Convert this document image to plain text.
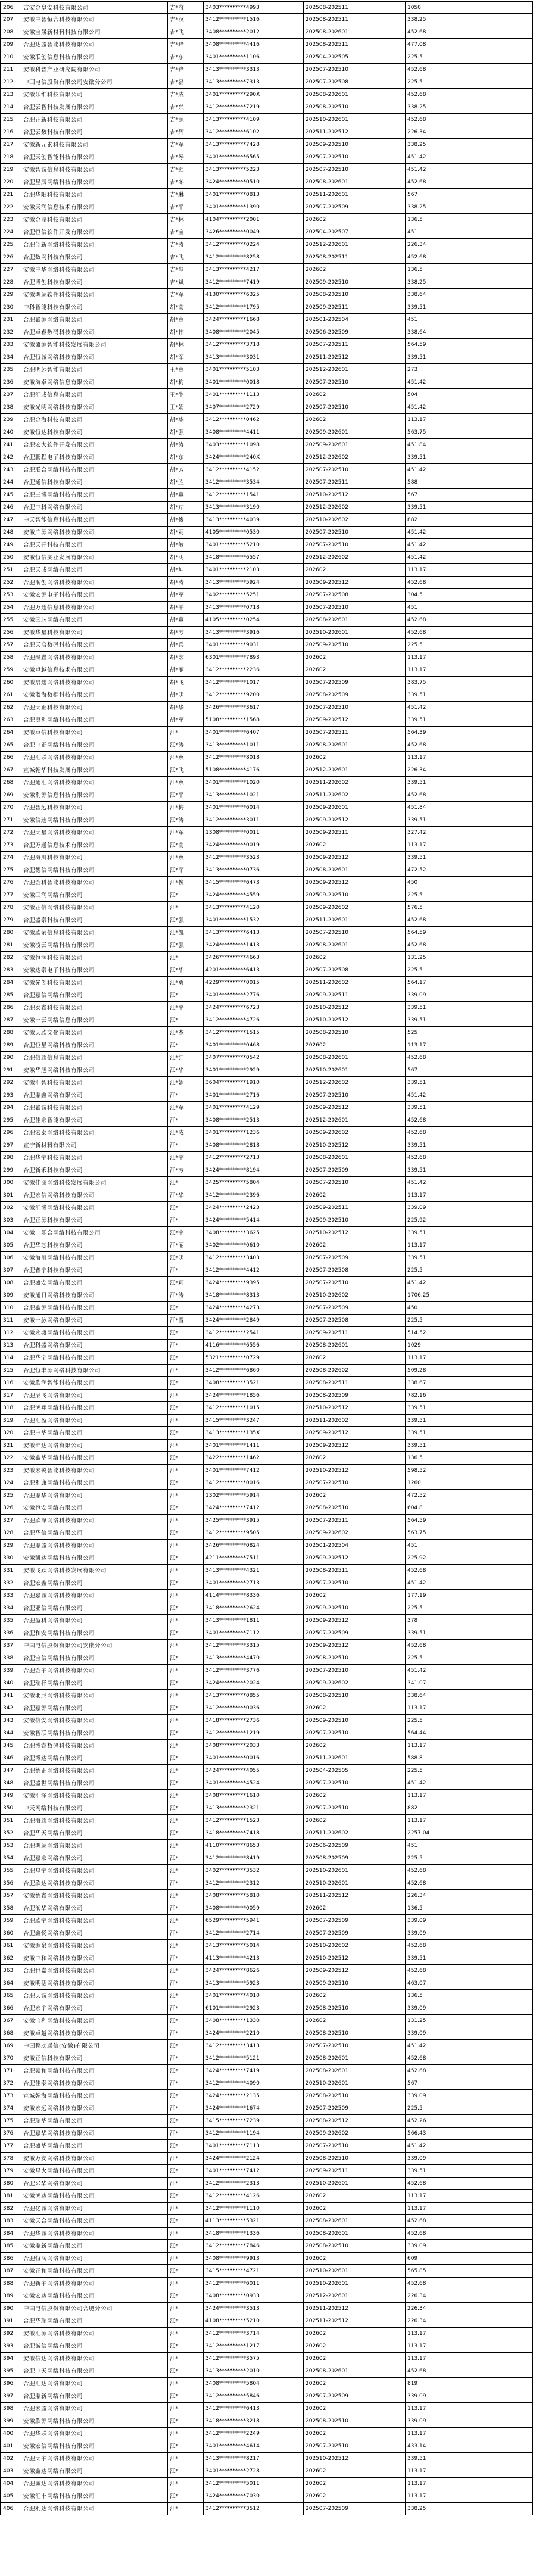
206	吉安金皇安科技有限公司	吉*府	3403**********4993	202508-202511	1050
207	安徽中智恒合科技有限公司	吉*汉	3412**********1516	202508-202511	338.25
208	安徽宝晟新材料科技有限公司	吉*飞	3408**********2012	202508-202601	452.68
209	合肥达盛智能科技有限公司	吉*峰	3408**********4416	202508-202511	477.08
210	安徽联创信息科技有限公司	吉*东	3401**********1106	202504-202505	225.5
211	安徽科普产业研究院有限公司	吉*锋	3413**********3313	202507-202510	452.68
212	中国电信股份有限公司安徽分公司	吉*磊	3413**********7313	202507-202508	225.5
213	安徽乐维科技有限公司	吉*成	3401**********290X	202508-202601	452.68
214	合肥云智科技发展有限公司	吉*兴	3412**********7219	202508-202510	338.25
215	合肥正新科技有限公司	吉*源	3413**********4109	202510-202601	452.68
216	合肥云数科技有限公司	吉*辉	3412**********6102	202511-202512	226.34
217	安徽新元素科技有限公司	吉*军	3413**********7428	202509-202510	338.25
218	合肥天创智能科技有限公司	吉*琴	3401**********6565	202507-202510	451.42
219	安徽智诚信息科技有限公司	吉*强	3413**********5223	202507-202510	451.42
220	合肥星辰网络科技有限公司	吉*冬	3424**********0510	202508-202601	452.68
221	合肥华阳科技有限公司	吉*琳	3401**********0813	202511-202601	567
222	安徽天润信息技术有限公司	吉*平	3401**********1390	202507-202509	338.25
223	安徽金鼎科技有限公司	吉*林	4104**********2001	202602	136.5
224	合肥恒信软件开发有限公司	吉*宝	3426**********0049	202504-202507	451
225	合肥创新网络科技有限公司	吉*涛	3412**********0224	202512-202601	226.34
226	合肥数网科技有限公司	吉*飞	3412**********8258	202508-202511	452.68
227	安徽中华网络科技有限公司	吉*琴	3413**********4217	202602	136.5
228	合肥博创科技有限公司	吉*斌	3412**********7419	202509-202510	338.25
229	安徽鸿运软件科技有限公司	吉*军	4130**********6325	202508-202510	338.64
230	中科智能科技有限公司	胡*南	3412**********1795	202509-202511	339.51
231	合肥鑫源网络有限公司	胡*燕	3424**********1668	202501-202504	451
232	合肥卓睿数码科技有限公司	胡*伟	3408**********2045	202506-202509	338.64
233	安徽盛源智能科技发展有限公司	胡*林	3412**********3718	202507-202511	564.59
234	合肥恒诚网络科技有限公司	胡*军	3413**********3031	202511-202512	339.51
235	合肥明远智能有限公司	王*燕	3401**********5103	202512-202601	273
236	安徽海卓网络信息有限公司	胡*梅	3401**********0018	202507-202510	451.42
237	合肥汇成信息有限公司	王*生	3401**********1113	202602	504
238	安徽光明网络科技有限公司	王*娟	3407**********2729	202507-202510	451.42
239	合肥金海科技有限公司	胡*华	3412**********0462	202602	113.17
240	安徽恒达科技有限公司	胡*强	3408**********4411	202509-202601	563.75
241	合肥宏大软件开发有限公司	胡*涛	3403**********1098	202509-202601	451.84
242	合肥鹏程电子科技有限公司	胡*东	3424**********240X	202512-202602	339.51
243	合肥联合网络科技有限公司	胡*芳	3412**********4152	202507-202510	451.42
244	合肥通信科技有限公司	胡*胜	3412**********3534	202507-202511	588
245	合肥三博网络科技有限公司	胡*燕	3412**********1541	202510-202512	567
246	合肥中科网络有限公司	胡*芹	3413**********3190	202512-202602	339.51
247	中天智能信息科技有限公司	胡*俊	3413**********4039	202510-202602	882
248	安徽广源网络科技有限公司	胡*莉	4105**********0530	202507-202510	451.42
249	合肥天开科技有限公司	胡*敏	3401**********5210	202507-202510	451.42
250	安徽恒信实业发展有限公司	胡*明	3418**********6557	202512-202602	451.42
251	合肥天成网络有限公司	胡*坤	3401**********2103	202602	113.17
252	合肥润创网络科技有限公司	胡*涛	3413**********5924	202509-202512	452.68
253	安徽宏源电子科技有限公司	胡*军	3402**********5251	202507-202508	304.5
254	合肥万通信息科技有限公司	胡*平	3413**********0718	202507-202510	451
255	安徽国芯网络有限公司	胡*燕	4105**********0254	202508-202601	452.68
256	安徽华星科技有限公司	胡*芳	3413**********3916	202510-202601	452.68
257	合肥天启数码科技有限公司	胡*兵	3401**********9031	202509-202510	225.5
258	合肥聚鑫网络科技有限公司	胡*宏	6301**********7893	202602	113.17
259	安徽卓越信息技术有限公司	胡*丽	3412**********2236	202602	113.17
260	安徽启迪网络科技有限公司	胡*飞	3412**********1017	202507-202509	383.75
261	安徽蓝海数据科技有限公司	胡*明	3412**********9200	202508-202509	339.51
262	合肥天正科技有限公司	胡*华	3426**********3617	202507-202510	451.42
263	合肥奥利网络科技有限公司	胡*军	5108**********1568	202509-202512	339.51
264	安徽卓信科技有限公司	江*	3401**********6407	202507-202511	564.39
265	合肥中正网络科技有限公司	江*涛	3413**********1011	202508-202601	452.68
266	合肥汇联网络科技有限公司	江*燕	3412**********8018	202602	113.17
267	宣城翰华科技发展有限公司	江*飞	5108**********4176	202512-202601	226.34
268	合肥通汇网络科技有限公司	江*燕	3401**********1020	202511-202602	339.51
269	安徽利源信息科技有限公司	江*平	3413**********1021	202511-202602	452.68
270	合肥智远科技有限公司	江*梅	3401**********6014	202509-202601	451.84
271	安徽信迪网络科技有限公司	江*涛	3412**********3011	202509-202512	339.51
272	合肥天星网络科技有限公司	江*军	1308**********0011	202509-202511	327.42
273	合肥万通信息技术有限公司	江*南	3424**********0019	202602	113.17
274	合肥海川科技有限公司	江*燕	3412**********3523	202509-202512	339.51
275	合肥德信网络科技有限公司	江*军	3413**********0736	202508-202601	472.52
276	合肥金科智能科技有限公司	江*俊	3415**********6473	202509-202512	450
277	安徽国润网络有限公司	江*	3424**********4559	202509-202510	225.5
278	安徽正信网络科技有限公司	江*	3413**********4120	202509-202602	576.5
279	合肥盛泰科技有限公司	江*强	3401**********1532	202511-202601	452.68
280	安徽欣荣信息科技有限公司	江*凯	3413**********6413	202507-202510	564.59
281	安徽凌云网络科技有限公司	江*强	3424**********1413	202508-202601	452.68
282	安徽恒润科技有限公司	江*	3426**********4663	202602	131.25
283	安徽达泰电子科技有限公司	江*华	4201**********6413	202507-202508	225.5
284	安徽先创科技有限公司	江*勇	4229**********0015	202511-202602	564.17
285	合肥嘉信网络有限公司	江*	3401**********2776	202509-202511	339.09
286	合肥泰鑫科技有限公司	江*平	3424**********6723	202510-202512	339.51
287	安徽一云网络信息有限公司	江*	3412**********4726	202510-202512	339.51
288	安徽天欣文化有限公司	江*杰	3412**********1515	202508-202510	525
289	合肥恒星网络科技有限公司	江*	3401**********0468	202602	113.17
290	合肥信通信息有限公司	江*红	3407**********0542	202508-202601	452.68
291	安徽华旭网络科技有限公司	江*华	3401**********2929	202510-202601	567
292	安徽汇智科技有限公司	江*娟	3604**********1910	202512-202602	339.51
293	合肥鼎鑫网络有限公司	江*	3401**********2716	202507-202510	451.42
294	合肥鑫诚科技有限公司	江*军	3401**********4129	202509-202512	339.51
295	合肥佳宏智能有限公司	江*	3408**********2513	202512-202601	452.68
296	合肥宏泰网络科技有限公司	江*成	3401**********1236	202509-202602	452.68
297	宣宁新材料有限公司	江*	3408**********2818	202510-202512	339.51
298	合肥华宇科技有限公司	江*宇	3412**********2713	202508-202601	452.68
299	合肥新禾科技有限公司	江*芳	3424**********8194	202507-202509	339.51
300	安徽佳图网络科技发展有限公司	江*	3425**********5804	202507-202510	451.42
301	合肥宏信网络科技有限公司	江*华	3412**********2396	202602	113.17
302	安徽汇博网络科技有限公司	江*	3424**********2423	202509-202511	339.09
303	合肥正源科技有限公司	江*	3424**********5414	202509-202510	225.92
304	安徽一乐合网络科技有限公司	江*宇	3408**********3625	202510-202512	339.51
305	合肥华芯科技有限公司	江*丽	3402**********0610	202602	113.17
306	安徽海川网络科技有限公司	江*明	3412**********3403	202507-202509	339.51
307	合肥普宁科技有限公司	江*	3412**********4412	202507-202508	225.5
308	合肥盛安网络有限公司	江*莉	3424**********9395	202507-202510	451.42
309	安徽旭日网络科技有限公司	江*涛	3418**********8313	202510-202602	1706.25
310	合肥鑫源网络科技有限公司	江*	3424**********4273	202507-202509	450
311	安徽一脉网络有限公司	江*雪	3424**********2849	202507-202508	225.5
312	安徽永盛网络科技有限公司	江*	3412**********2541	202509-202511	514.52
313	合肥科盛网络有限公司	江*	4116**********6556	202508-202601	1029
314	合肥华宁网络科技有限公司	江*	5321**********0729	202602	113.17
315	合肥恒丰源网络科技有限公司	江*	3412**********6860	202508-202602	509.28
316	安徽欣润智能科技有限公司	江*	3408**********3521	202508-202511	338.67
317	合肥辰飞网络有限公司	江*	3424**********1856	202508-202509	782.16
318	合肥鸿翔网络科技有限公司	江*	3412**********1015	202510-202512	339.51
319	合肥汇盈网络有限公司	江*	3415**********3247	202511-202602	339.51
320	合肥中华网络有限公司	江*	3413**********135X	202509-202512	339.51
321	安徽维达网络有限公司	江*	3401**********1411	202509-202512	339.51
322	安徽鑫华网络科技有限公司	江*	3422**********1462	202602	136.5
323	安徽宏锐智能科技有限公司	江*	3401**********7412	202510-202512	598.52
324	合肥利康网络科技有限公司	江*	3412**********0016	202507-202510	1260
325	合肥鼎华网络有限公司	江*	1302**********5914	202602	472.52
326	安徽恒安网络有限公司	江*	3424**********7412	202508-202510	604.8
327	合肥欣泽网络科技有限公司	江*	3425**********3915	202507-202511	564.59
328	合肥华信网络有限公司	江*	3412**********9505	202509-202602	563.75
329	合肥鼎盛网络科技有限公司	江*	3426**********0824	202501-202504	451
330	安徽凯达网络科技有限公司	江*	4211**********7511	202509-202512	225.92
331	安徽飞跃网络科技发展有限公司	江*	3413**********4321	202508-202511	452.68
332	合肥宏鑫网络有限公司	江*	3401**********2713	202507-202510	451.42
333	合肥嘉诚网络科技有限公司	江*	4114**********8336	202602	177.19
334	合肥亚信网络有限公司	江*	3418**********2624	202509-202510	225.5
335	合肥盈科网络有限公司	江*	3413**********1811	202509-202512	378
336	合肥和安网络科技有限公司	江*	3401**********7112	202507-202509	339.51
337	中国电信股份有限公司安徽分公司	江*	3412**********3315	202509-202512	452.68
338	合肥宝信网络科技有限公司	江*	3413**********4470	202508-202510	225.5
339	合肥金宇网络科技有限公司	江*	3412**********3776	202507-202510	451.42
340	合肥瑞祥网络有限公司	江*	3424**********2024	202509-202602	341.07
341	安徽北辰网络科技有限公司	江*	3413**********0855	202508-202510	338.64
342	合肥嘉源网络有限公司	江*	3412**********0036	202602	113.17
343	安徽信安网络科技有限公司	江*	3418**********2736	202509-202510	225.5
344	安徽智联网络科技有限公司	江*	3412**********1219	202507-202510	564.44
345	合肥博睿数码科技有限公司	江*	3408**********2033	202602	113.17
346	合肥博达网络有限公司	江*	3401**********0016	202511-202601	588.8
347	合肥德正网络科技有限公司	江*	3424**********4055	202504-202505	225.5
348	合肥盛世网络科技有限公司	江*	3401**********4524	202507-202510	451.42
349	安徽汇泽网络科技有限公司	江*	3408**********1610	202602	113.17
350	中天网络科技有限公司	江*	3413**********2321	202507-202510	882
351	合肥海通网络科技有限公司	江*	3412**********1523	202602	113.17
352	合肥华天网络有限公司	江*	3418**********7418	202511-202602	2257.04
353	合肥鸿运网络有限公司	江*	4110**********8653	202506-202509	451
354	合肥嘉宏网络有限公司	江*	3412**********8419	202508-202509	225.5
355	合肥星宇网络科技有限公司	江*	3402**********3532	202510-202601	452.68
356	合肥欣达网络科技有限公司	江*	3412**********2312	202510-202601	452.68
357	安徽德鑫网络科技有限公司	江*	3408**********5810	202511-202512	226.34
358	合肥润华网络有限公司	江*	3408**********0059	202602	136.5
359	合肥欣宇网络科技有限公司	江*	6529**********5941	202507-202509	339.09
360	合肥鑫悦网络有限公司	江*	3412**********2714	202507-202509	339.09
361	安徽源泉网络科技有限公司	江*	3413**********5014	202510-202602	452.68
362	安徽中和网络科技有限公司	江*	4113**********4213	202510-202512	339.51
363	合肥世嘉网络科技有限公司	江*	3424**********8626	202509-202512	452.68
364	安徽明德网络科技有限公司	江*	3413**********5923	202509-202510	463.07
365	合肥天诚网络科技有限公司	江*	3401**********4010	202602	136.5
366	合肥宏宇网络有限公司	江*	6101**********2923	202508-202510	339.09
367	安徽宝利网络科技有限公司	江*	3408**********1330	202602	131.25
368	安徽卓越网络科技有限公司	江*	3424**********2210	202508-202510	339.09
369	中国移动通信(安徽)有限公司	江*	3412**********3413	202507-202510	451.42
370	安徽正信科技有限公司	江*	3412**********5121	202508-202601	452.68
371	合肥嘉和网络科技有限公司	江*	3424**********7419	202508-202601	452.68
372	合肥佳泰网络科技有限公司	江*	3412**********4090	202510-202601	567
373	宣城翰海网络科技有限公司	江*	3424**********2135	202508-202510	339.09
374	安徽宏远网络科技有限公司	江*	3424**********1674	202507-202509	225.5
375	合肥瑞华网络有限公司	江*	3415**********7239	202508-202512	452.26
376	合肥嘉华网络科技有限公司	江*	3412**********1194	202509-202602	566.43
377	合肥盛华网络有限公司	江*	3401**********7113	202507-202510	451.42
378	安徽万安网络科技有限公司	江*	3424**********2124	202508-202510	339.09
379	安徽星火网络科技有限公司	江*	3401**********7412	202509-202511	339.51
380	合肥兴华网络有限公司	江*	3412**********2313	202510-202601	452.68
381	安徽鸿达网络科技有限公司	江*	3412**********4126	202602	113.17
382	合肥亿诚网络有限公司	江*	3412**********1110	202602	113.17
383	安徽天合网络科技有限公司	江*	4113**********5321	202508-202601	452.68
384	合肥华诚网络科技有限公司	江*	3418**********1336	202508-202601	452.68
385	安徽鼎新网络有限公司	江*	3412**********7846	202508-202510	339.09
386	合肥恒润网络有限公司	江*	3408**********9913	202602	609
387	安徽正和网络科技有限公司	江*	3415**********4721	202510-202601	565.85
388	合肥新宇网络科技有限公司	江*	3412**********6011	202510-202601	452.68
389	安徽宏达网络科技有限公司	江*	3408**********0933	202512-202601	226.34
390	中国电信股份有限公司合肥分公司	江*	3424**********3513	202511-202512	226.34
391	合肥华瑞网络有限公司	江*	4108**********5210	202511-202512	226.34
392	安徽汇源网络科技有限公司	江*	3412**********3714	202602	113.17
393	合肥诚信网络有限公司	江*	3412**********1217	202602	113.17
394	安徽信达网络科技有限公司	江*	3412**********3575	202602	113.17
395	合肥中天网络科技有限公司	江*	3413**********2010	202508-202601	452.68
396	合肥汇达网络有限公司	江*	3408**********5804	202602	819
397	合肥鼎新网络有限公司	江*	3412**********5846	202507-202509	339.09
398	合肥宏盛网络有限公司	江*	3412**********6413	202602	113.17
399	安徽欣源网络科技有限公司	江*	3418**********3218	202508-202510	339.09
400	合肥华联网络有限公司	江*	3412**********2249	202602	113.17
401	安徽宏信网络科技有限公司	江*	3401**********4614	202507-202510	433.14
402	合肥天宇网络科技有限公司	江*	3413**********8217	202510-202512	339.51
403	安徽鑫达网络有限公司	江*	3401**********2728	202602	113.17
404	合肥诚达网络科技有限公司	江*	3412**********5011	202602	113.17
405	安徽汇丰网络科技有限公司	江*	3424**********7030	202602	113.17
406	合肥利达网络科技有限公司	江*	3412**********3512	202507-202509	338.25
